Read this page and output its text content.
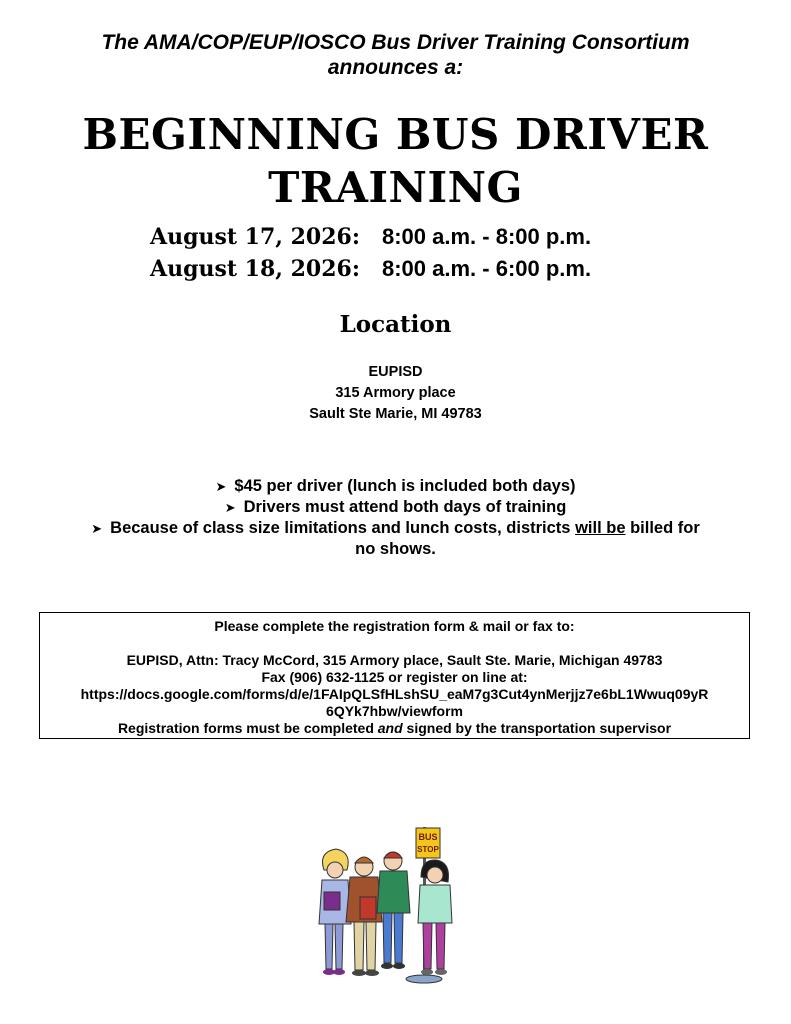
The AMA/COP/EUP/IOSCO Bus Driver Training Consortium
announces a:
BEGINNING BUS DRIVER
TRAINING
August 17, 2026:	8:00 a.m. - 8:00 p.m.
August 18, 2026:	8:00 a.m. - 6:00 p.m.
Location
EUPISD
315 Armory place
Sault Ste Marie, MI 49783
➤ $45 per driver (lunch is included both days)
➤ Drivers must attend both days of training
➤ Because of class size limitations and lunch costs, districts will be billed for
no shows.
Please complete the registration form & mail or fax to:
EUPISD, Attn: Tracy McCord, 315 Armory place, Sault Ste. Marie, Michigan 49783
Fax (906) 632-1125 or register on line at:
https://docs.google.com/forms/d/e/1FAIpQLSfHLshSU_eaM7g3Cut4ynMerjjz7e6bL1Wwuq09yR
6QYk7hbw/viewform
Registration forms must be completed and signed by the transportation supervisor
BUS
STOP
